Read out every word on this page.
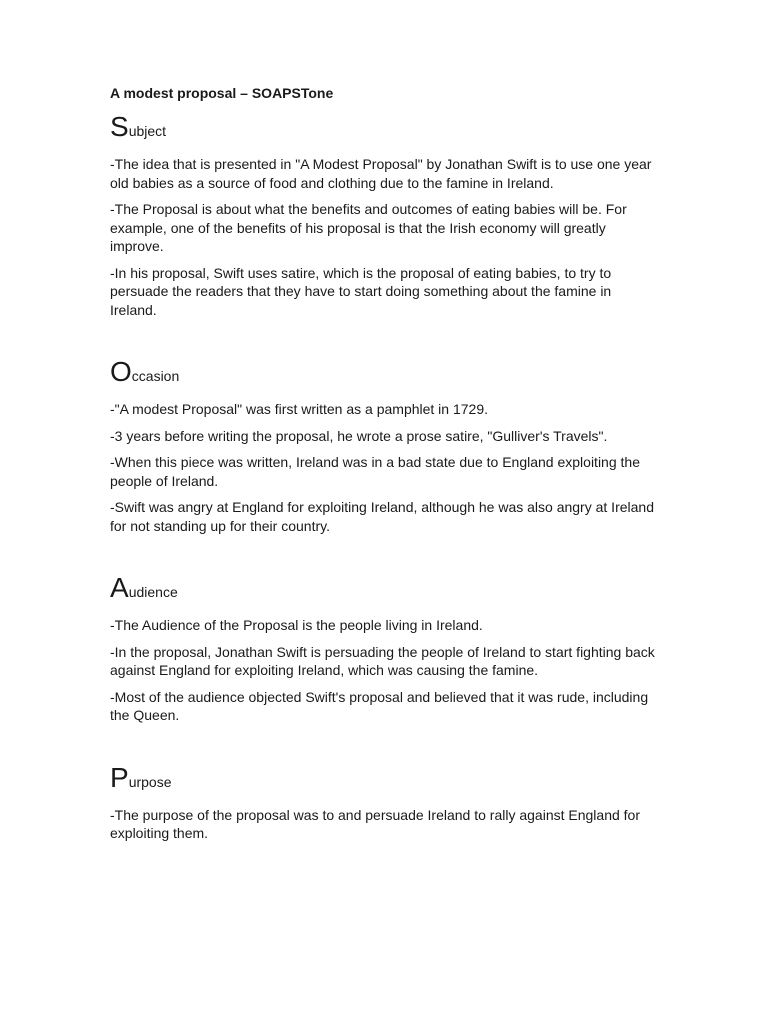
A modest proposal – SOAPSTone
Subject

-The idea that is presented in "A Modest Proposal" by Jonathan Swift is to use one year old babies as a source of food and clothing due to the famine in Ireland.

-The Proposal is about what the benefits and outcomes of eating babies will be. For example, one of the benefits of his proposal is that the Irish economy will greatly improve.

-In his proposal, Swift uses satire, which is the proposal of eating babies, to try to persuade the readers that they have to start doing something about the famine in Ireland.

Occasion

-"A modest Proposal" was first written as a pamphlet in 1729.

-3 years before writing the proposal, he wrote a prose satire, "Gulliver's Travels".

-When this piece was written, Ireland was in a bad state due to England exploiting the people of Ireland.

-Swift was angry at England for exploiting Ireland, although he was also angry at Ireland for not standing up for their country.

Audience

-The Audience of the Proposal is the people living in Ireland.

-In the proposal, Jonathan Swift is persuading the people of Ireland to start fighting back against England for exploiting Ireland, which was causing the famine.

-Most of the audience objected Swift's proposal and believed that it was rude, including the Queen.

Purpose

-The purpose of the proposal was to and persuade Ireland to rally against England for exploiting them.
